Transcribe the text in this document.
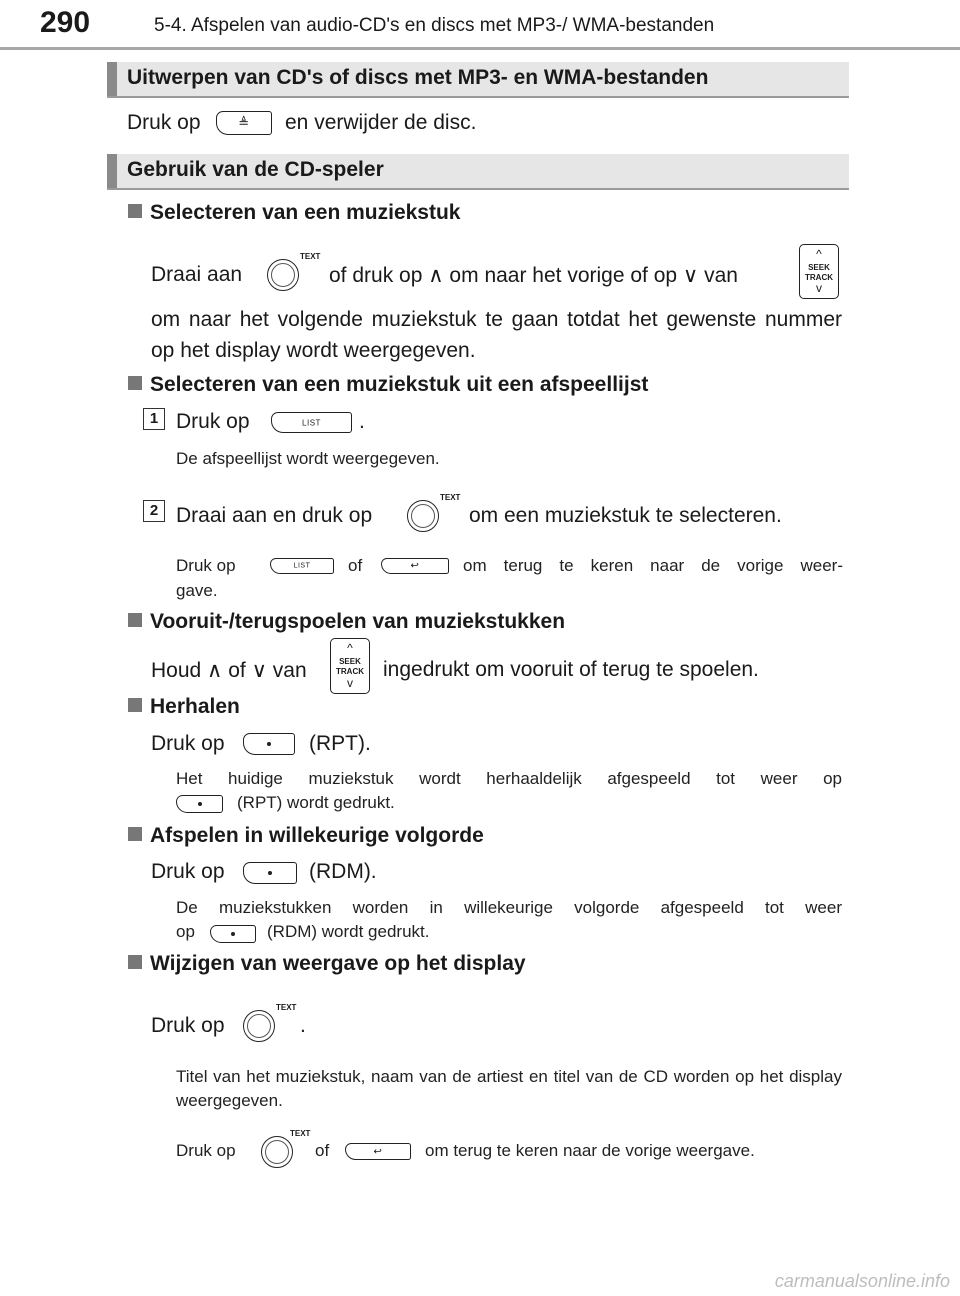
290	5-4. Afspelen van audio-CD's en discs met MP3-/ WMA-bestanden
Uitwerpen van CD's of discs met MP3- en WMA-bestanden
Druk op	≜	en verwijder de disc.
Gebruik van de CD-speler
Selecteren van een muziekstuk
Draai aan
TEXT
of druk op ∧ om naar het vorige of op ∨ van
^
SEEK
TRACK
v
om naar het volgende muziekstuk te gaan totdat het gewenste nummer op het display wordt weergegeven.
Selecteren van een muziekstuk uit een afspeellijst
1 Druk op	LIST	.
De afspeellijst wordt weergegeven.
2 Draai aan en druk op
TEXT
om een muziekstuk te selecteren.
Druk op	LIST	of	↩	om terug te keren naar de vorige weer-
gave.
Vooruit-/terugspoelen van muziekstukken
Houd ∧ of ∨ van
^
SEEK
TRACK
v
ingedrukt om vooruit of terug te spoelen.
Herhalen
Druk op	(RPT).
Het huidige muziekstuk wordt herhaaldelijk afgespeeld tot weer op
(RPT) wordt gedrukt.
Afspelen in willekeurige volgorde
Druk op	(RDM).
De muziekstukken worden in willekeurige volgorde afgespeeld tot weer
op	(RDM) wordt gedrukt.
Wijzigen van weergave op het display
Druk op
TEXT
.
Titel van het muziekstuk, naam van de artiest en titel van de CD worden op het display weergegeven.
Druk op
TEXT
of	↩	om terug te keren naar de vorige weergave.
carmanualsonline.info
